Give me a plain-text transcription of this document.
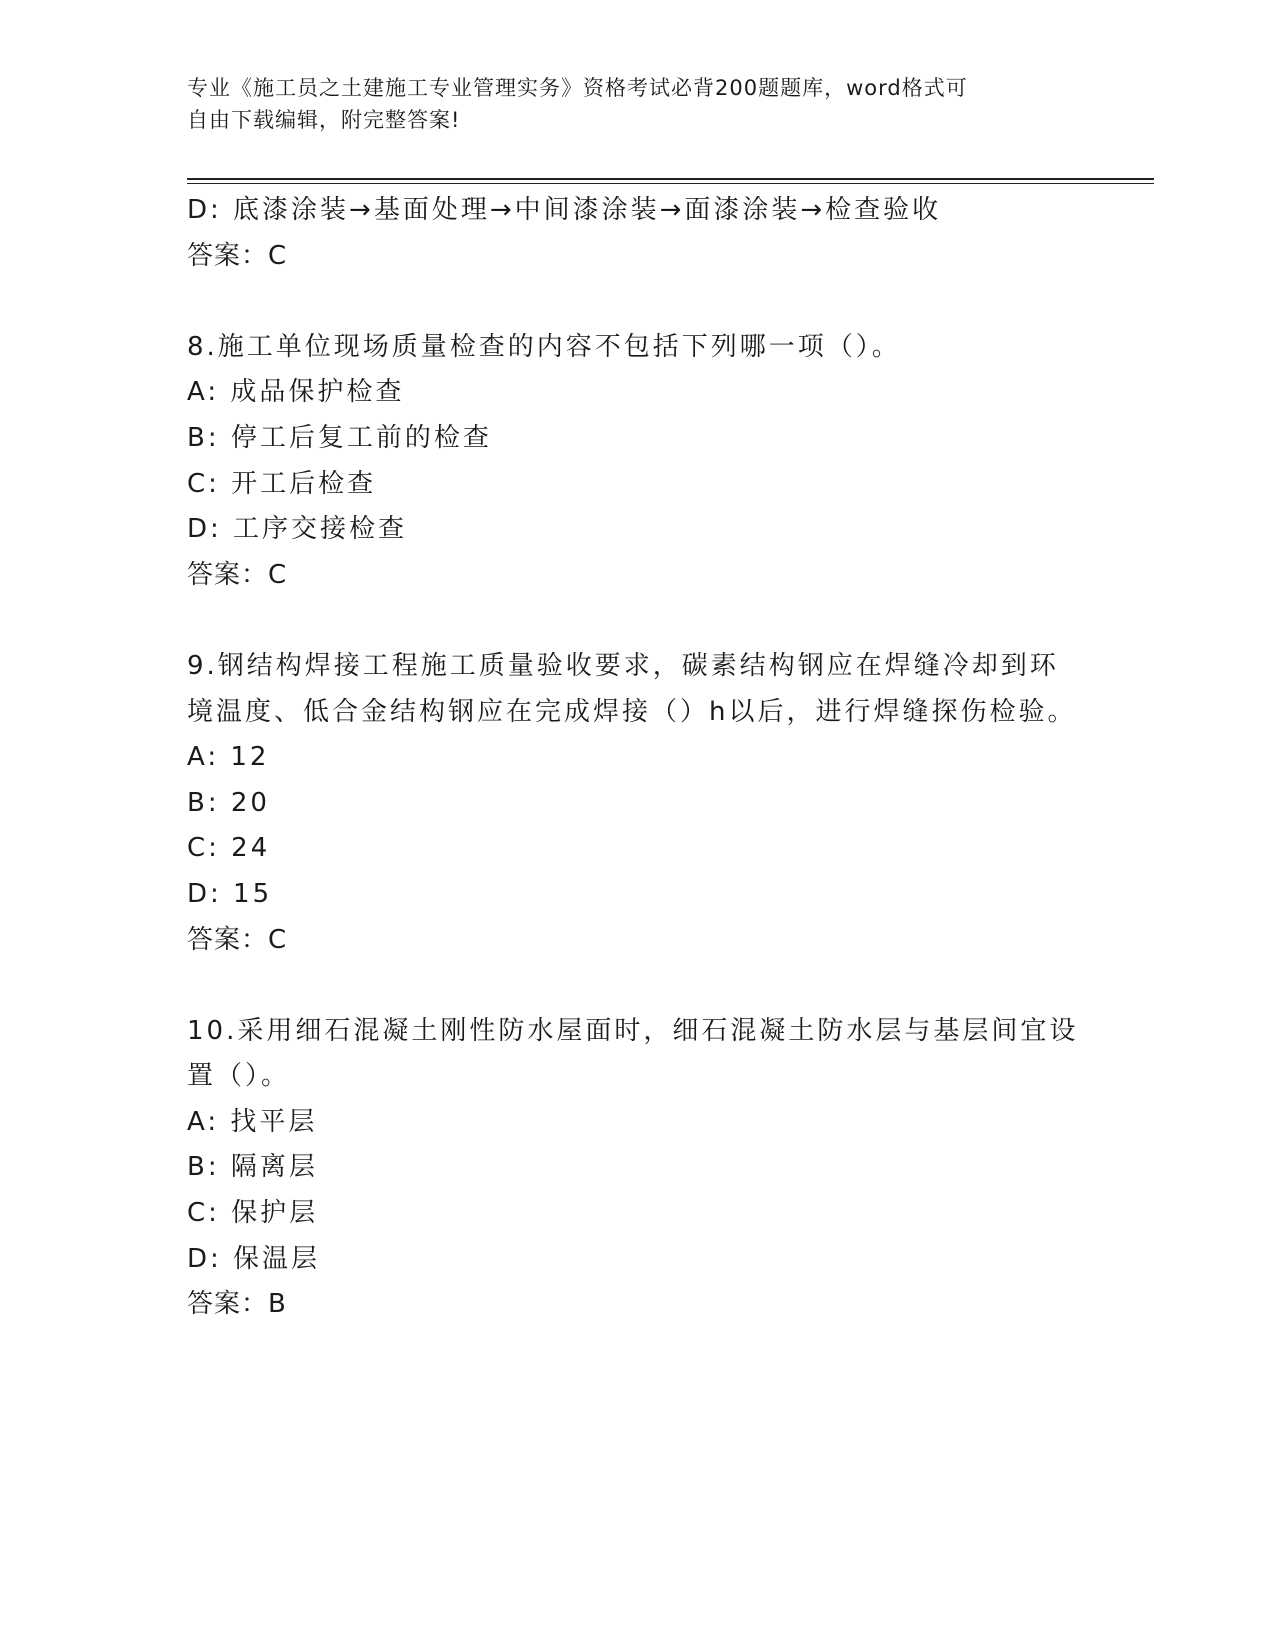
专业《施工员之土建施工专业管理实务》资格考试必背200题题库，word格式可
自由下载编辑，附完整答案!
D: 底漆涂装→基面处理→中间漆涂装→面漆涂装→检查验收
答案：C
8.施工单位现场质量检查的内容不包括下列哪一项（）。
A: 成品保护检查
B: 停工后复工前的检查
C: 开工后检查
D: 工序交接检查
答案：C
9.钢结构焊接工程施工质量验收要求，碳素结构钢应在焊缝冷却到环
境温度、低合金结构钢应在完成焊接（）h以后，进行焊缝探伤检验。
A: 12
B: 20
C: 24
D: 15
答案：C
10.采用细石混凝土刚性防水屋面时，细石混凝土防水层与基层间宜设
置（）。
A: 找平层
B: 隔离层
C: 保护层
D: 保温层
答案：B
